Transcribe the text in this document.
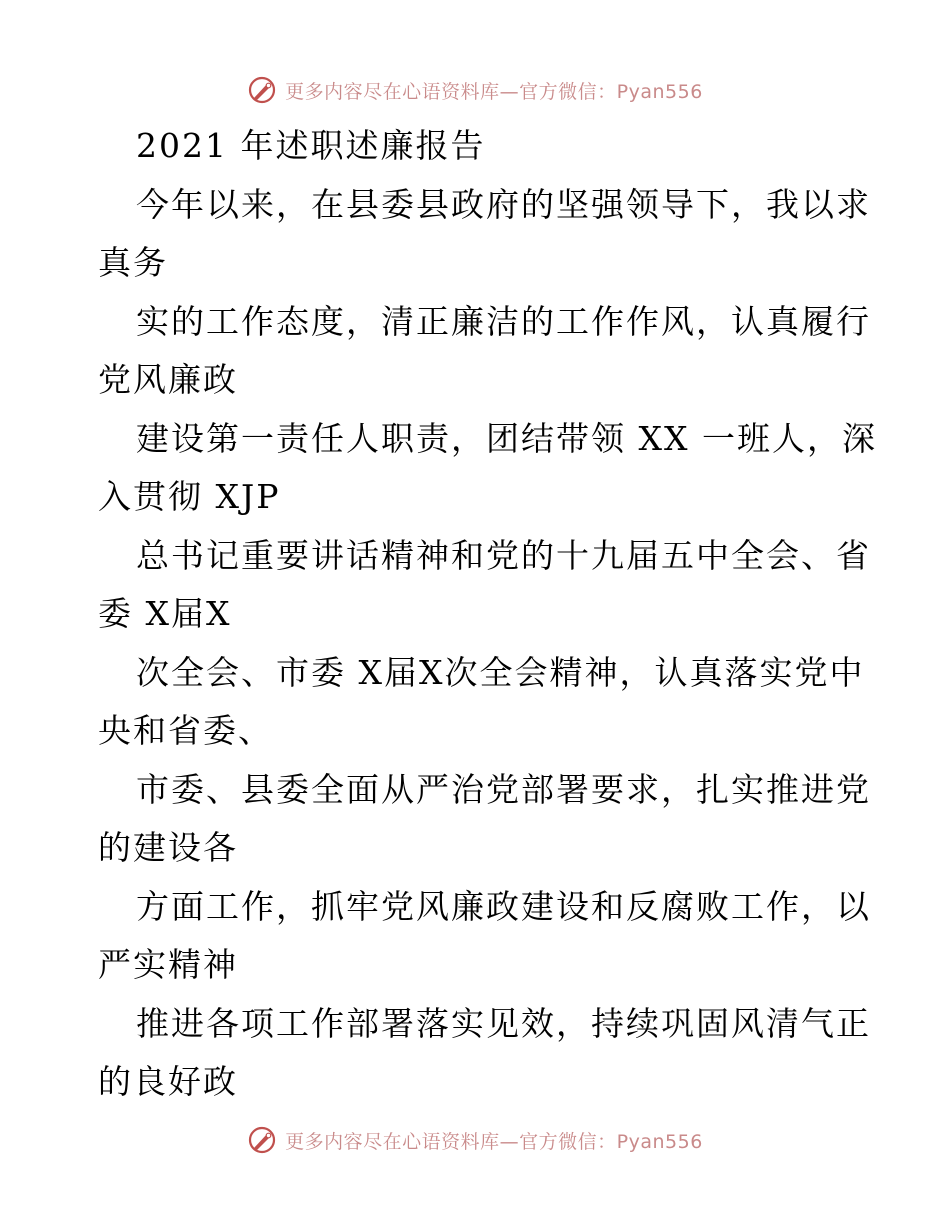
更多内容尽在心语资料库—官方微信：Pyan556
2021 年述职述廉报告
今年以来，在县委县政府的坚强领导下，我以求
真务
实的工作态度，清正廉洁的工作作风，认真履行
党风廉政
建设第一责任人职责，团结带领 XX 一班人，深
入贯彻 XJP
总书记重要讲话精神和党的十九届五中全会、省
委 X届X
次全会、市委 X届X次全会精神，认真落实党中
央和省委、
市委、县委全面从严治党部署要求，扎实推进党
的建设各
方面工作，抓牢党风廉政建设和反腐败工作，以
严实精神
推进各项工作部署落实见效，持续巩固风清气正
的良好政
更多内容尽在心语资料库—官方微信：Pyan556
